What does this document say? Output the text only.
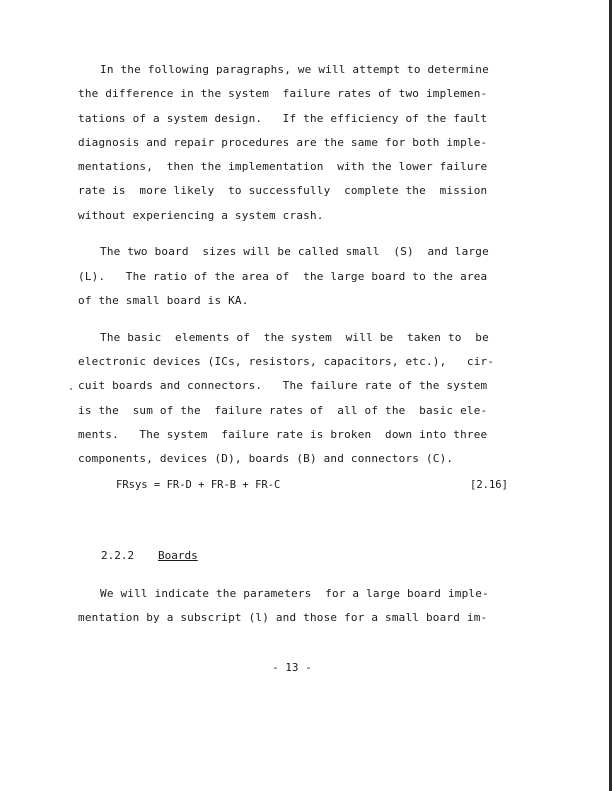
In the following paragraphs, we will attempt to determine
the difference in the system  failure rates of two implemen-
tations of a system design.   If the efficiency of the fault
diagnosis and repair procedures are the same for both imple-
mentations,  then the implementation  with the lower failure
rate is  more likely  to successfully  complete the  mission
without experiencing a system crash.
The two board  sizes will be called small  (S)  and large
(L).   The ratio of the area of  the large board to the area
of the small board is KA.
The basic  elements of  the system  will be  taken to  be
electronic devices (ICs, resistors, capacitors, etc.),   cir-
cuit boards and connectors.   The failure rate of the system
is the  sum of the  failure rates of  all of the  basic ele-
ments.   The system  failure rate is broken  down into three
components, devices (D), boards (B) and connectors (C).
FRsys = FR-D + FR-B + FR-C	[2.16]
2.2.2 Boards
We will indicate the parameters  for a large board imple-
mentation by a subscript (l) and those for a small board im-
- 13 -
